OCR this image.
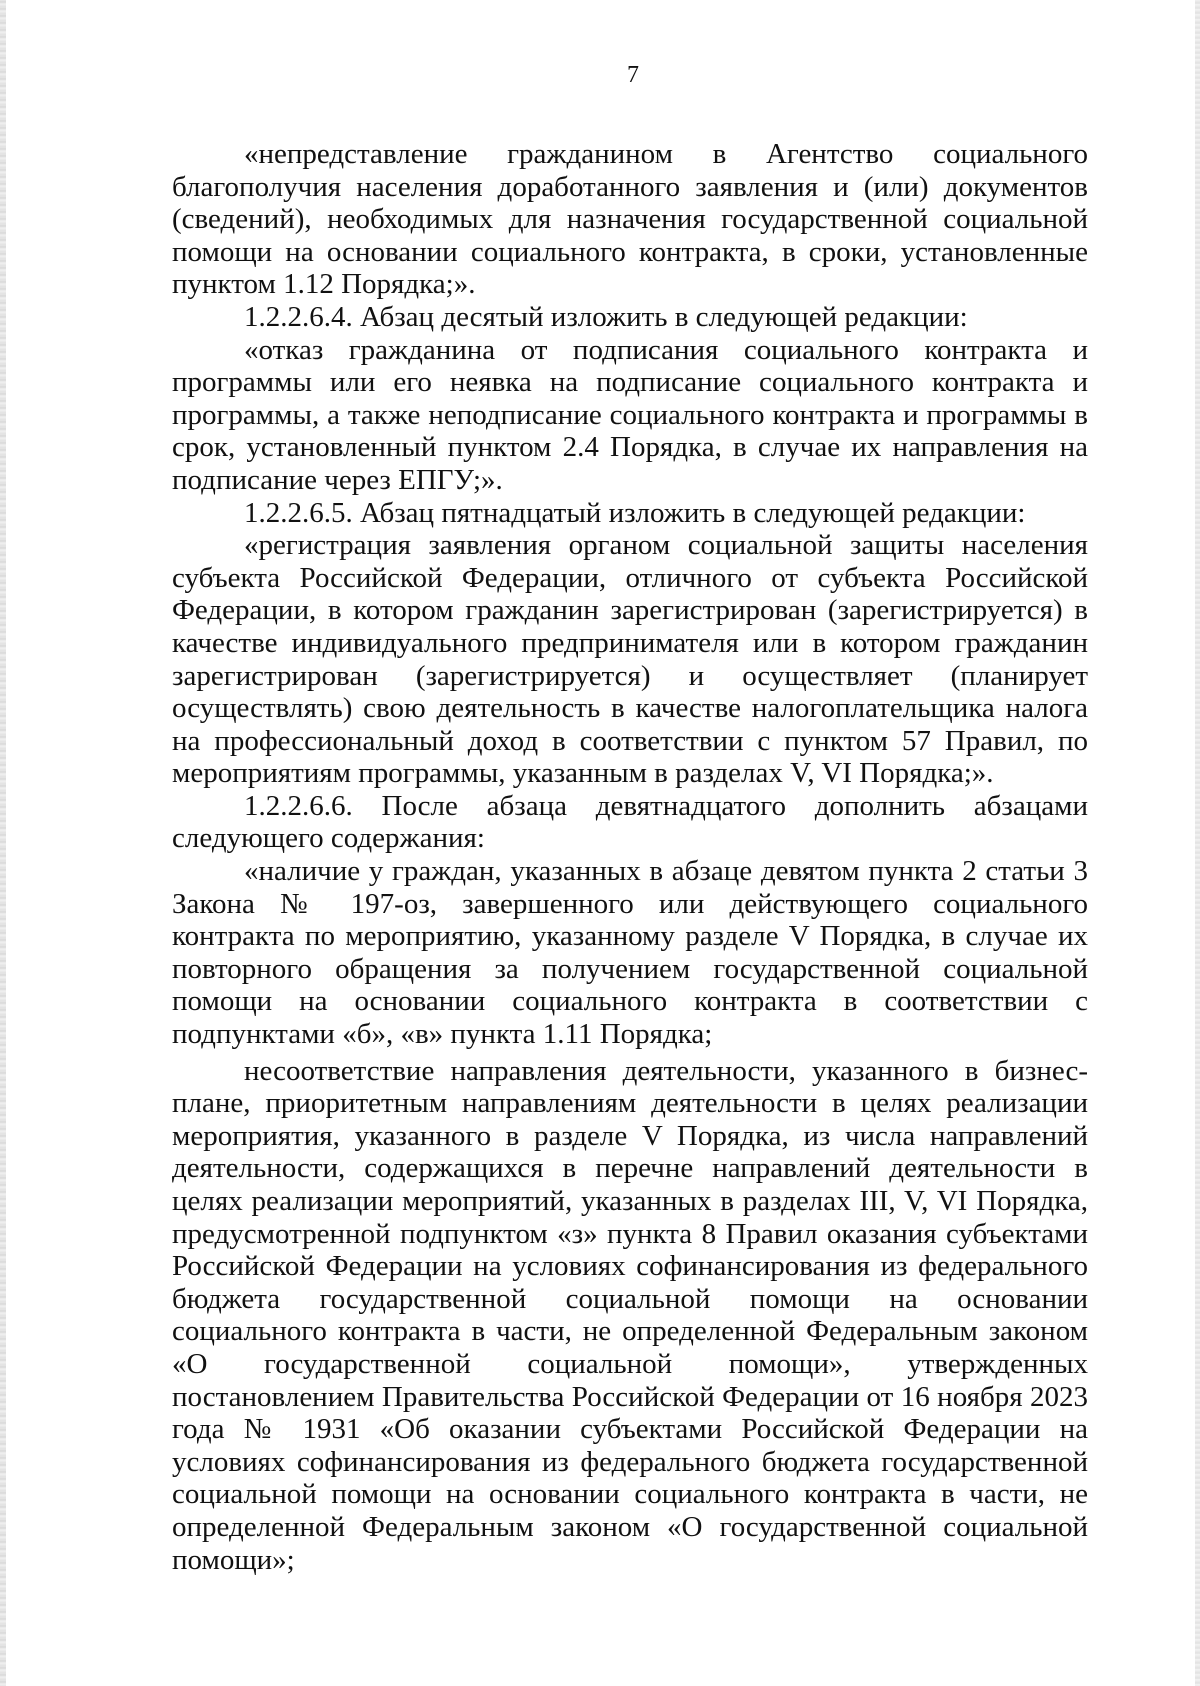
7

«непредставление гражданином в Агентство социального благополучия населения доработанного заявления и (или) документов (сведений), необходимых для назначения государственной социальной помощи на основании социального контракта, в сроки, установленные пунктом 1.12 Порядка;».

1.2.2.6.4. Абзац десятый изложить в следующей редакции:

«отказ гражданина от подписания социального контракта и программы или его неявка на подписание социального контракта и программы, а также неподписание социального контракта и программы в срок, установленный пунктом 2.4 Порядка, в случае их направления на подписание через ЕПГУ;».

1.2.2.6.5. Абзац пятнадцатый изложить в следующей редакции:

«регистрация заявления органом социальной защиты населения субъекта Российской Федерации, отличного от субъекта Российской Федерации, в котором гражданин зарегистрирован (зарегистрируется) в качестве индивидуального предпринимателя или в котором гражданин зарегистрирован (зарегистрируется) и осуществляет (планирует осуществлять) свою деятельность в качестве налогоплательщика налога на профессиональный доход в соответствии с пунктом 57 Правил, по мероприятиям программы, указанным в разделах V, VI Порядка;».

1.2.2.6.6. После абзаца девятнадцатого дополнить абзацами следующего содержания:

«наличие у граждан, указанных в абзаце девятом пункта 2 статьи 3 Закона № 197-оз, завершенного или действующего социального контракта по мероприятию, указанному разделе V Порядка, в случае их повторного обращения за получением государственной социальной помощи на основании социального контракта в соответствии с подпунктами «б», «в» пункта 1.11 Порядка;

несоответствие направления деятельности, указанного в бизнес-плане, приоритетным направлениям деятельности в целях реализации мероприятия, указанного в разделе V Порядка, из числа направлений деятельности, содержащихся в перечне направлений деятельности в целях реализации мероприятий, указанных в разделах III, V, VI Порядка, предусмотренной подпунктом «з» пункта 8 Правил оказания субъектами Российской Федерации на условиях софинансирования из федерального бюджета государственной социальной помощи на основании социального контракта в части, не определенной Федеральным законом «О государственной социальной помощи», утвержденных постановлением Правительства Российской Федерации от 16 ноября 2023 года № 1931 «Об оказании субъектами Российской Федерации на условиях софинансирования из федерального бюджета государственной социальной помощи на основании социального контракта в части, не определенной Федеральным законом «О государственной социальной помощи»;
